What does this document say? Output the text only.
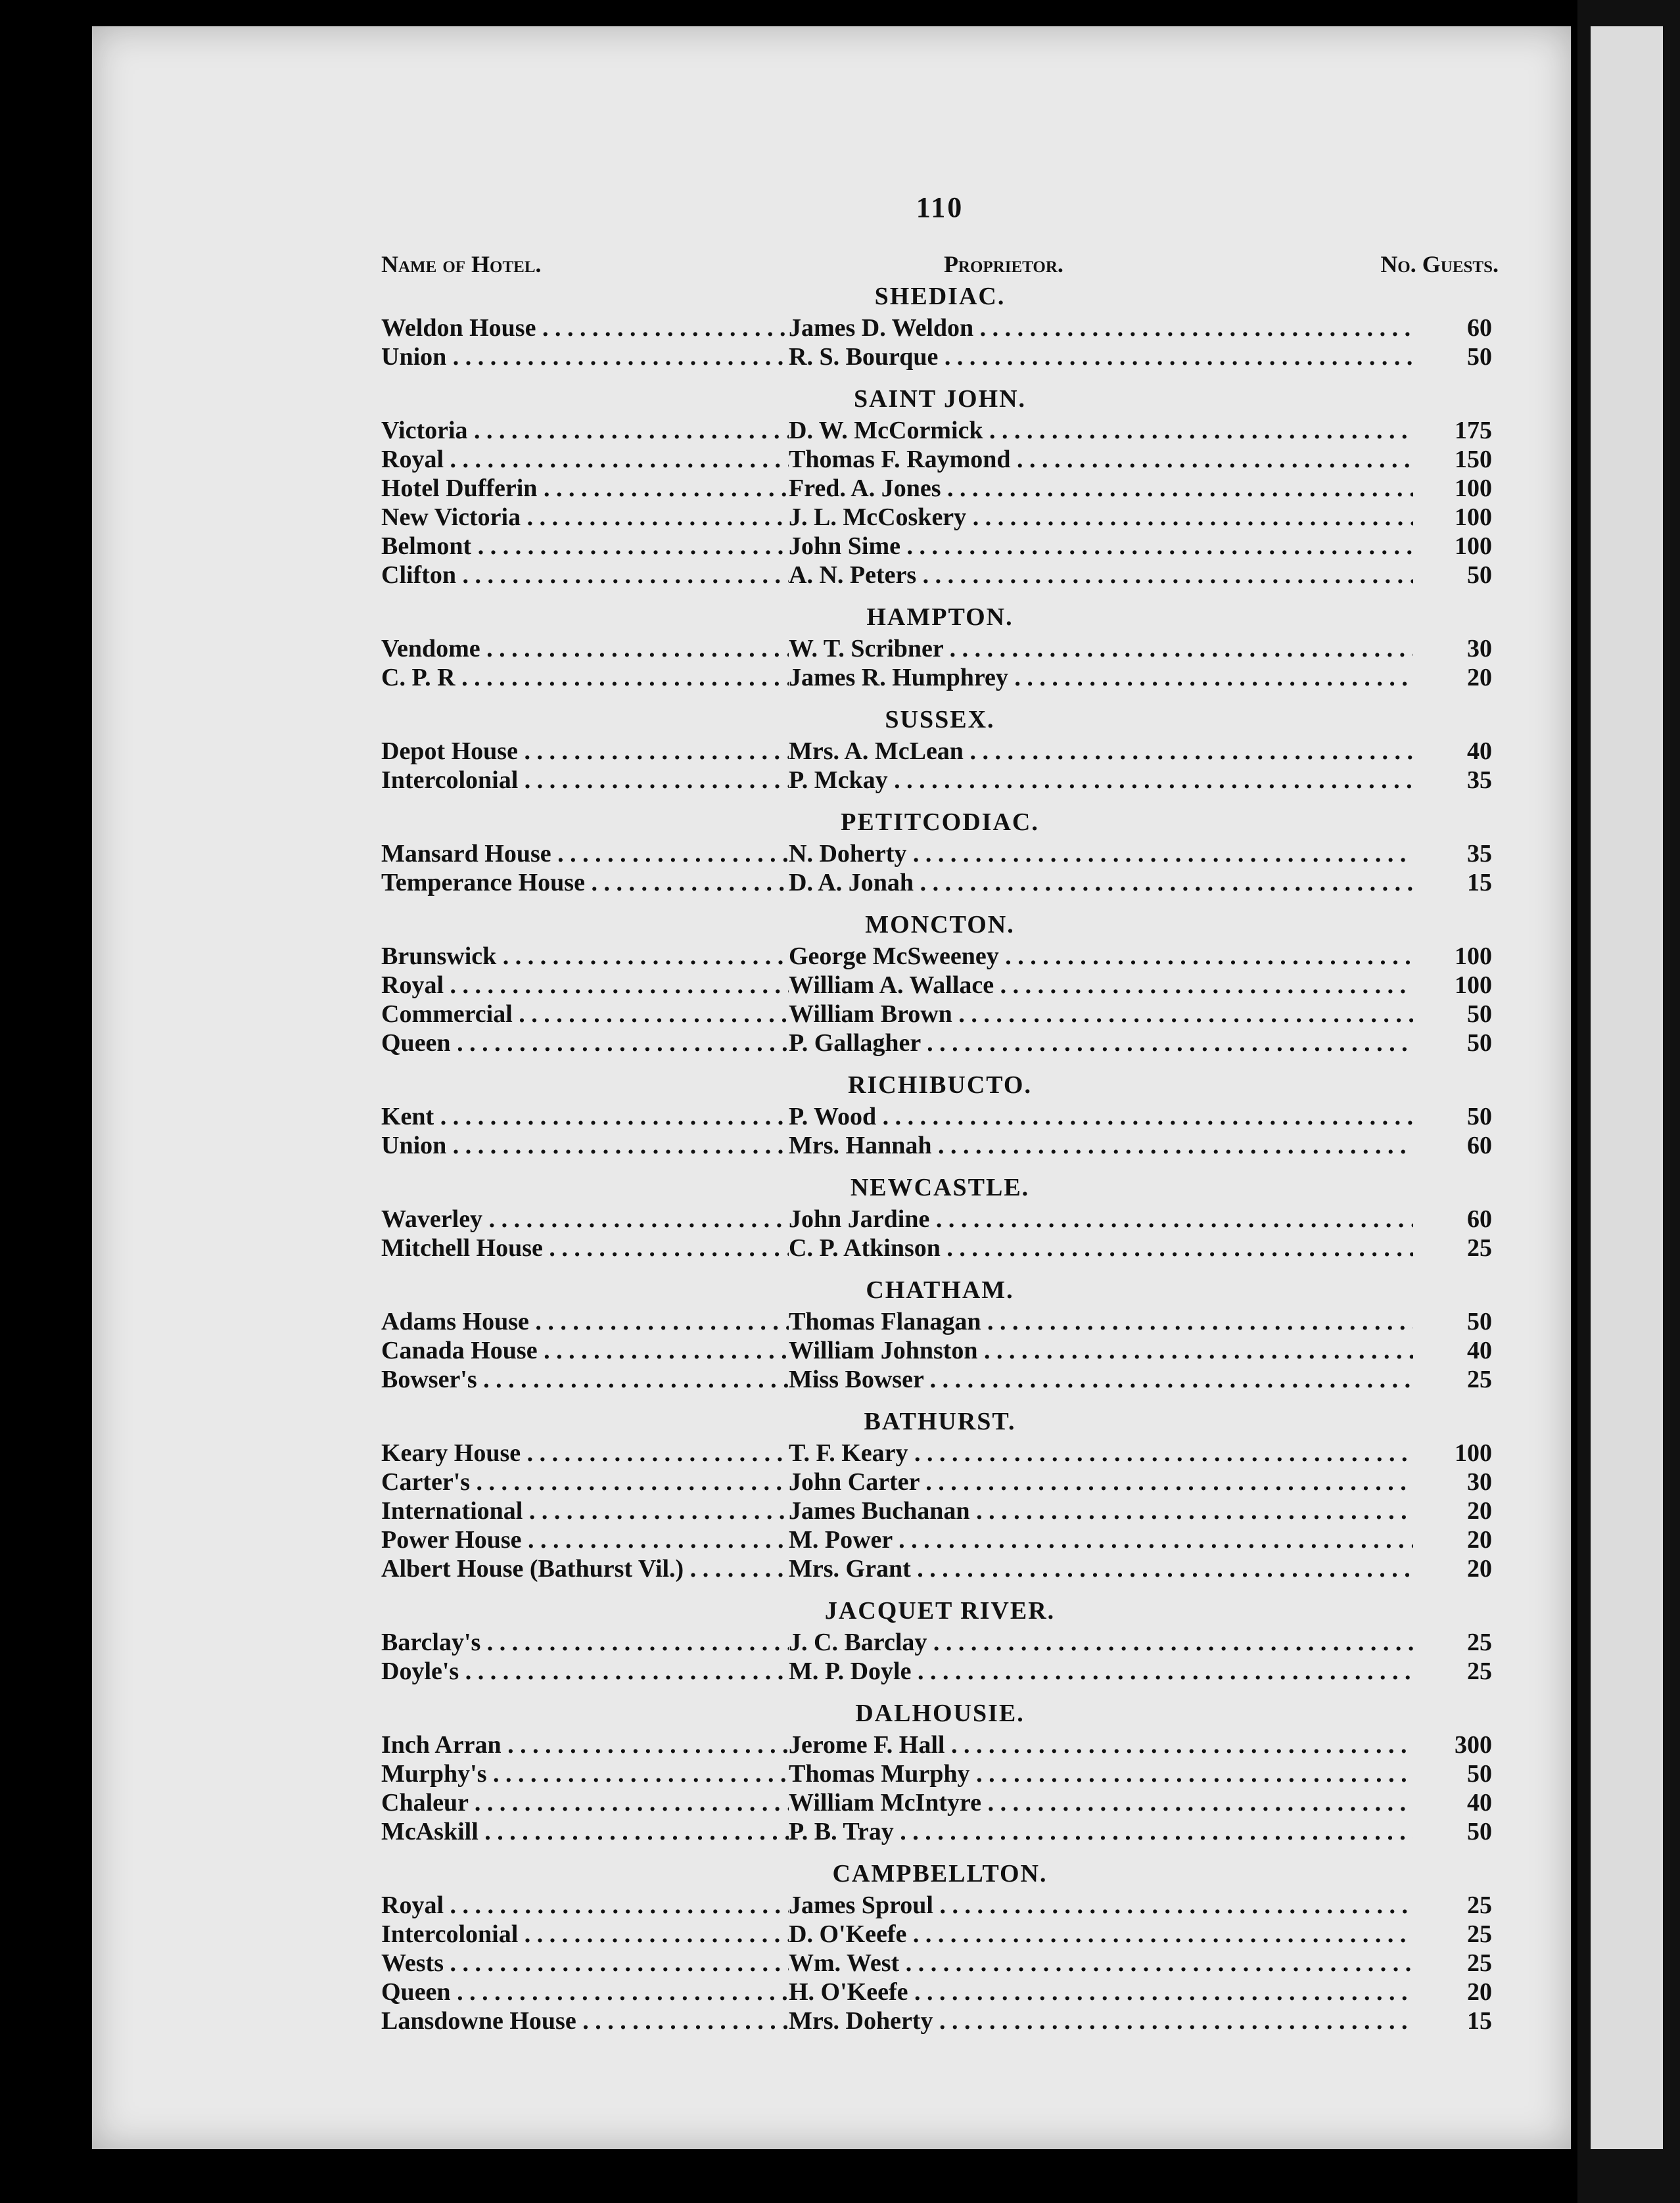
110
Name of Hotel.	Proprietor.	No. Guests.
SHEDIAC.
Weldon House . . .	James D. Weldon . . .	60
Union . . .	R. S. Bourque . . .	50
SAINT JOHN.
Victoria . . .	D. W. McCormick . . .	175
Royal . . .	Thomas F. Raymond . . .	150
Hotel Dufferin . . .	Fred. A. Jones . . .	100
New Victoria . . .	J. L. McCoskery . . .	100
Belmont . . .	John Sime . . .	100
Clifton . . .	A. N. Peters . . .	50
HAMPTON.
Vendome . . .	W. T. Scribner . . .	30
C. P. R . . .	James R. Humphrey . . .	20
SUSSEX.
Depot House . . .	Mrs. A. McLean . . .	40
Intercolonial . . .	P. Mckay . . .	35
PETITCODIAC.
Mansard House . . .	N. Doherty . . .	35
Temperance House . . .	D. A. Jonah . . .	15
MONCTON.
Brunswick . . .	George McSweeney . . .	100
Royal . . .	William A. Wallace . . .	100
Commercial . . .	William Brown . . .	50
Queen . . .	P. Gallagher . . .	50
RICHIBUCTO.
Kent . . .	P. Wood . . .	50
Union . . .	Mrs. Hannah . . .	60
NEWCASTLE.
Waverley . . .	John Jardine . . .	60
Mitchell House . . .	C. P. Atkinson . . .	25
CHATHAM.
Adams House . . .	Thomas Flanagan . . .	50
Canada House . . .	William Johnston . . .	40
Bowser's . . .	Miss Bowser . . .	25
BATHURST.
Keary House . . .	T. F. Keary . . .	100
Carter's . . .	John Carter . . .	30
International . . .	James Buchanan . . .	20
Power House . . .	M. Power . . .	20
Albert House (Bathurst Vil.) . . .	Mrs. Grant . . .	20
JACQUET RIVER.
Barclay's . . .	J. C. Barclay . . .	25
Doyle's . . .	M. P. Doyle . . .	25
DALHOUSIE.
Inch Arran . . .	Jerome F. Hall . . .	300
Murphy's . . .	Thomas Murphy . . .	50
Chaleur . . .	William McIntyre . . .	40
McAskill . . .	P. B. Tray . . .	50
CAMPBELLTON.
Royal . . .	James Sproul . . .	25
Intercolonial . . .	D. O'Keefe . . .	25
Wests . . .	Wm. West . . .	25
Queen . . .	H. O'Keefe . . .	20
Lansdowne House . . .	Mrs. Doherty . . .	15
